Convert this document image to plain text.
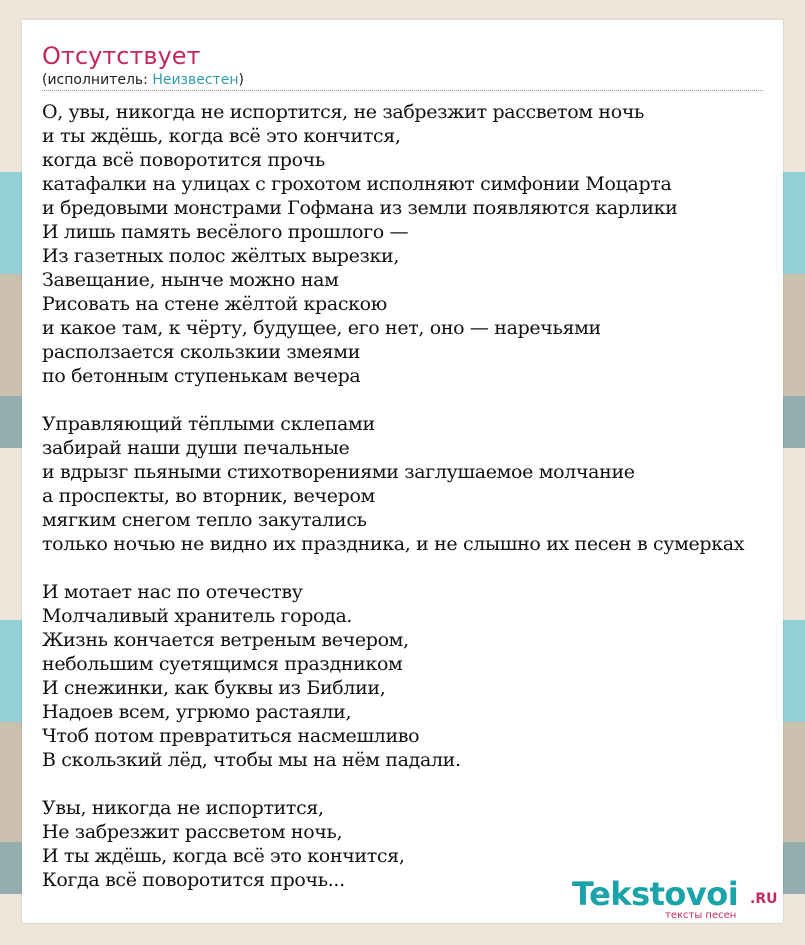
Отсутствует
(исполнитель: Неизвестен)
О, увы, никогда не испортится, не забрезжит рассветом ночь
и ты ждёшь, когда всё это кончится,
когда всё поворотится прочь
катафалки на улицах с грохотом исполняют симфонии Моцарта
и бредовыми монстрами Гофмана из земли появляются карлики
И лишь память весёлого прошлого —
Из газетных полос жёлтых вырезки,
Завещание, нынче можно нам
Рисовать на стене жёлтой краскою
и какое там, к чёрту, будущее, его нет, оно — наречьями
расползается скользкии змеями
по бетонным ступенькам вечера
Управляющий тёплыми склепами
забирай наши души печальные
и вдрызг пьяными стихотворениями заглушаемое молчание
а проспекты, во вторник, вечером
мягким снегом тепло закутались
только ночью не видно их праздника, и не слышно их песен в сумерках
И мотает нас по отечеству
Молчаливый хранитель города.
Жизнь кончается ветреным вечером,
небольшим суетящимся праздником
И снежинки, как буквы из Библии,
Надоев всем, угрюмо растаяли,
Чтоб потом превратиться насмешливо
В скользкий лёд, чтобы мы на нём падали.
Увы, никогда не испортится,
Не забрезжит рассветом ночь,
И ты ждёшь, когда всё это кончится,
Когда всё поворотится прочь...	Tekstovoi .RU
тексты песен
